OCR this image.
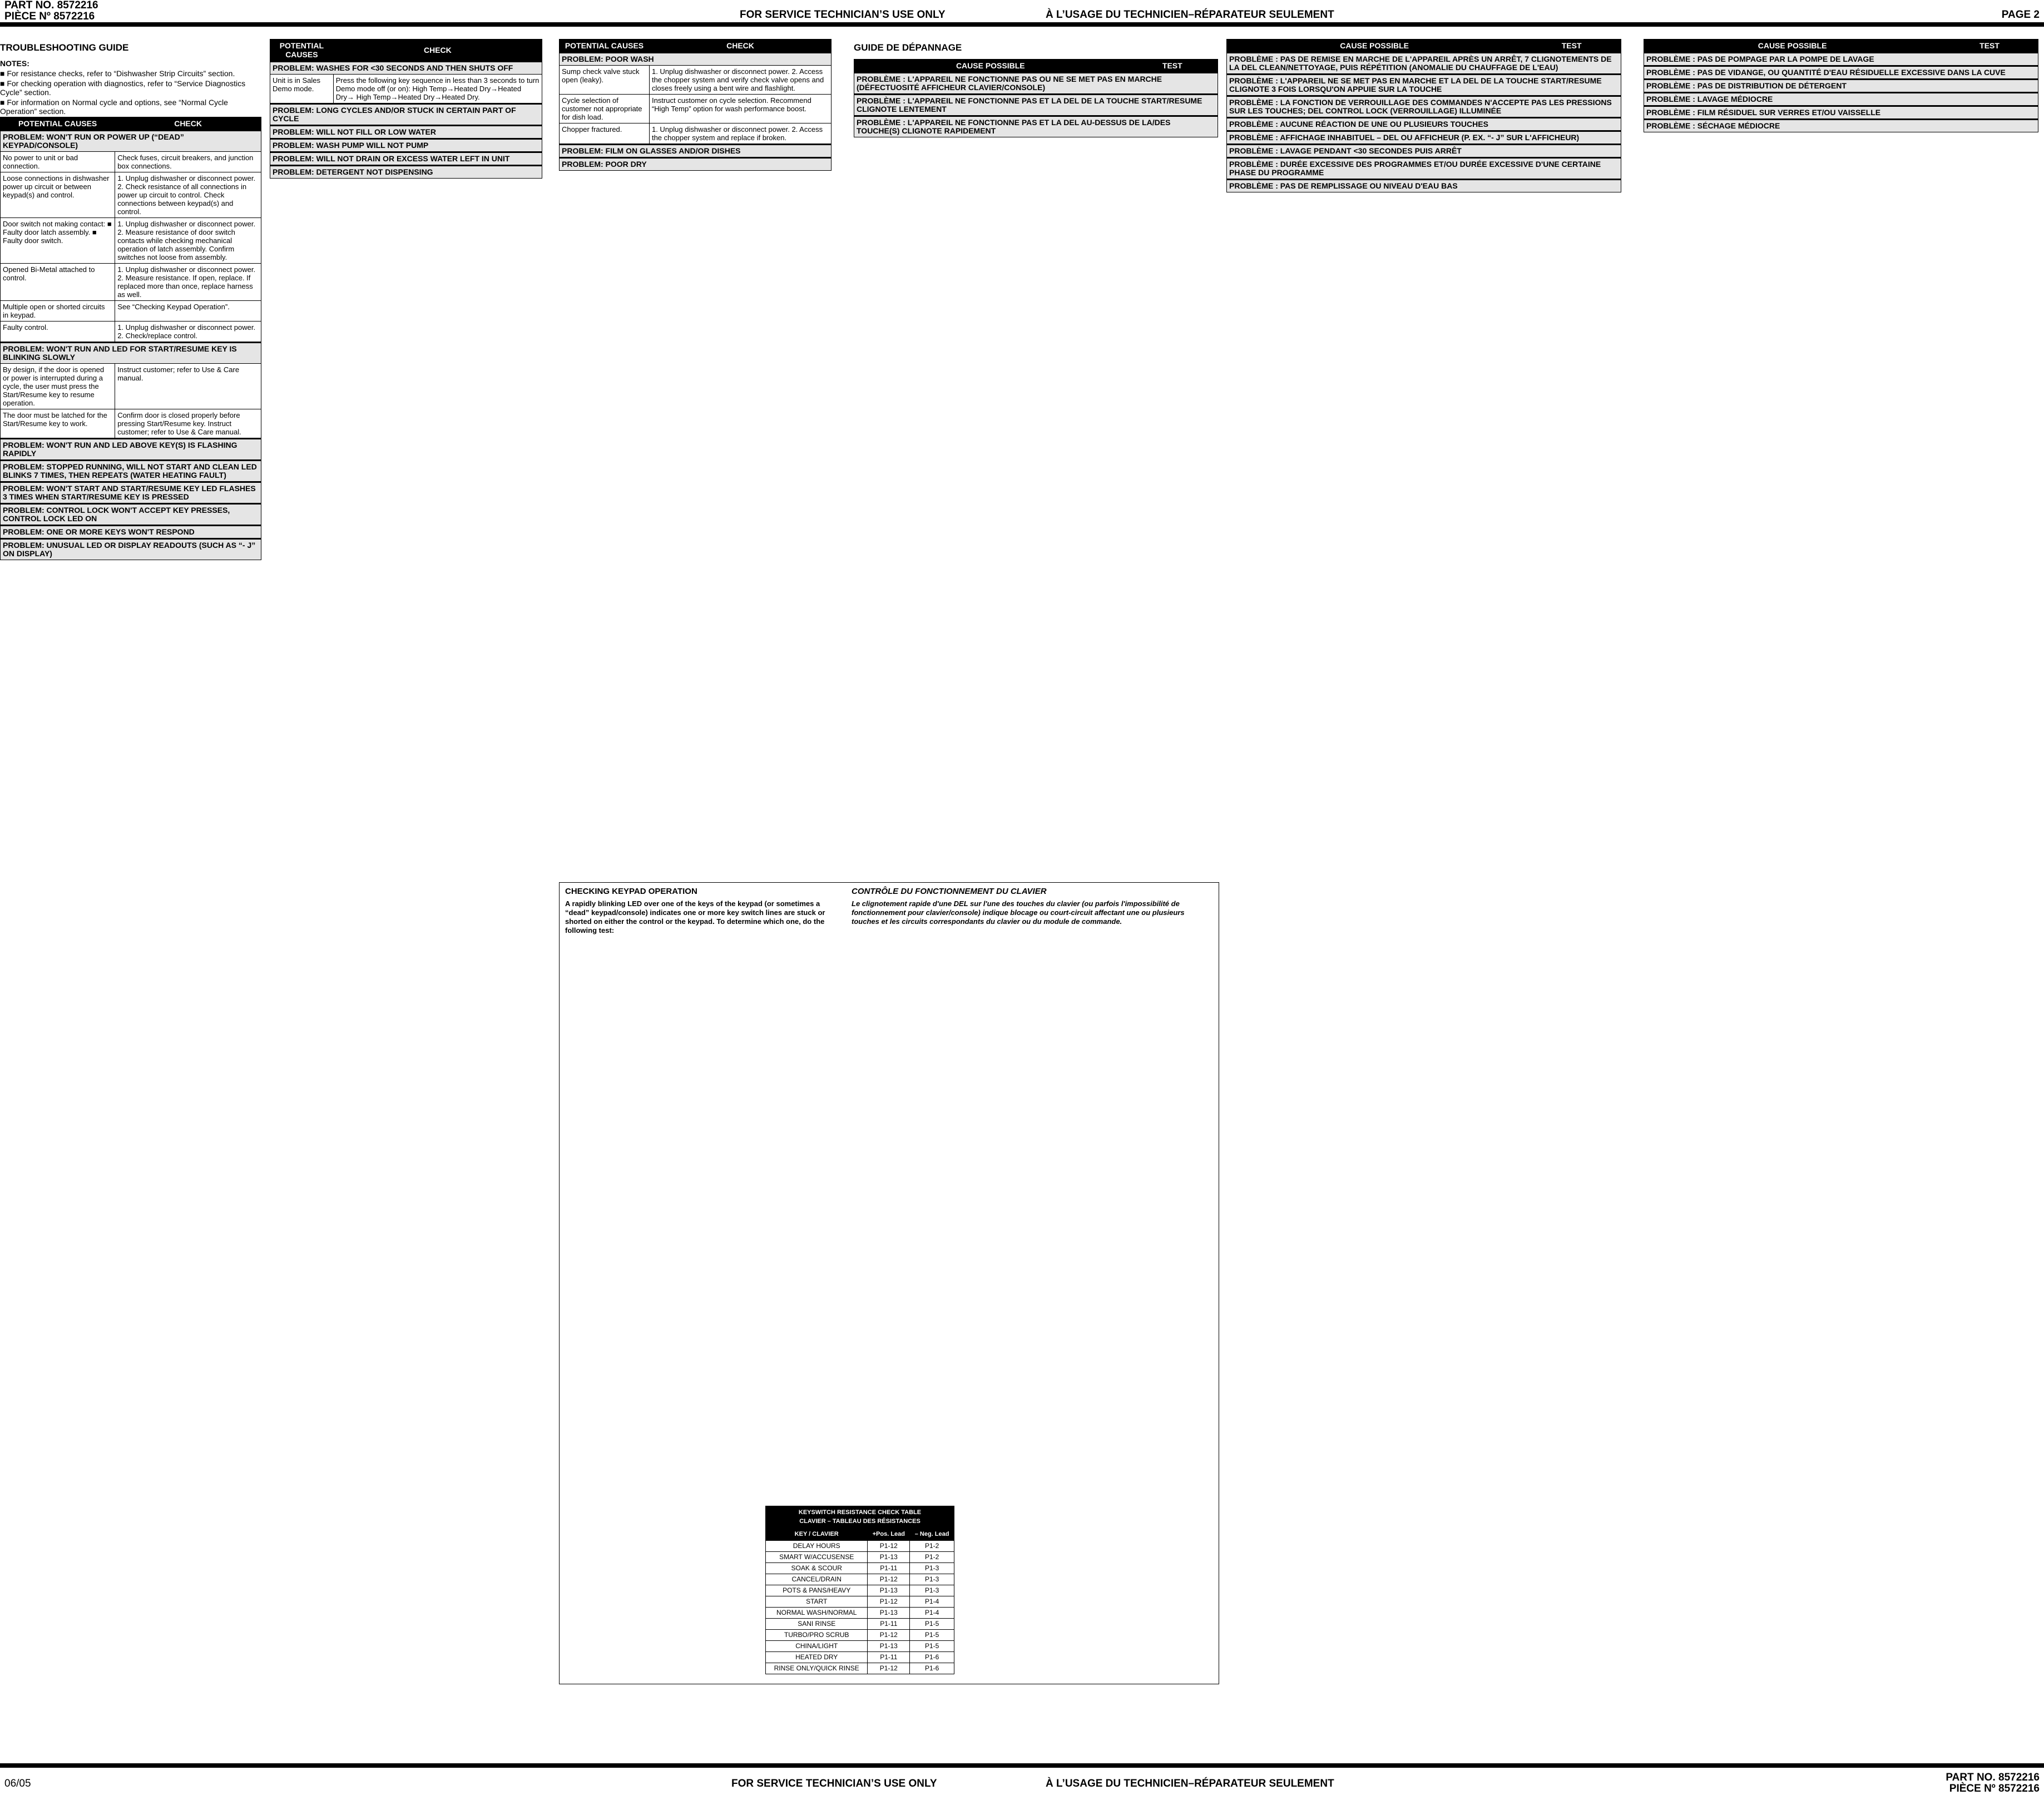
PART NO. 8572216
PIÈCE Nº 8572216	FOR SERVICE TECHNICIAN’S USE ONLY	À L’USAGE DU TECHNICIEN–RÉPARATEUR SEULEMENT	PAGE 2
TROUBLESHOOTING GUIDE

NOTES:

■ For resistance checks, refer to “Dishwasher Strip Circuits” section.

■ For checking operation with diagnostics, refer to “Service Diagnostics Cycle” section.

■ For information on Normal cycle and options, see “Normal Cycle Operation” section.

POTENTIAL CAUSES	CHECK
PROBLEM: WON'T RUN OR POWER UP (“DEAD” KEYPAD/CONSOLE)	
No power to unit or bad connection.	Check fuses, circuit breakers, and junction box connections.
Loose connections in dishwasher power up circuit or between keypad(s) and control.	1. Unplug dishwasher or disconnect power. 2. Check resistance of all connections in power up circuit to control. Check connections between keypad(s) and control.
Door switch not making contact: ■ Faulty door latch assembly. ■ Faulty door switch.	1. Unplug dishwasher or disconnect power. 2. Measure resistance of door switch contacts while checking mechanical operation of latch assembly. Confirm switches not loose from assembly.
Opened Bi-Metal attached to control.	1. Unplug dishwasher or disconnect power. 2. Measure resistance. If open, replace. If replaced more than once, replace harness as well.
Multiple open or shorted circuits in keypad.	See “Checking Keypad Operation”.
Faulty control.	1. Unplug dishwasher or disconnect power. 2. Check/replace control.
PROBLEM: WON'T RUN AND LED FOR START/RESUME KEY IS BLINKING SLOWLY	
By design, if the door is opened or power is interrupted during a cycle, the user must press the Start/Resume key to resume operation.	Instruct customer; refer to Use & Care manual.
The door must be latched for the Start/Resume key to work.	Confirm door is closed properly before pressing Start/Resume key. Instruct customer; refer to Use & Care manual.
PROBLEM: WON'T RUN AND LED ABOVE KEY(S) IS FLASHING RAPIDLY	
PROBLEM: STOPPED RUNNING, WILL NOT START AND CLEAN LED BLINKS 7 TIMES, THEN REPEATS (WATER HEATING FAULT)	
PROBLEM: WON'T START AND START/RESUME KEY LED FLASHES 3 TIMES WHEN START/RESUME KEY IS PRESSED	
PROBLEM: CONTROL LOCK WON'T ACCEPT KEY PRESSES, CONTROL LOCK LED ON	
PROBLEM: ONE OR MORE KEYS WON'T RESPOND	
PROBLEM: UNUSUAL LED OR DISPLAY READOUTS (SUCH AS “- J” ON DISPLAY)	
POTENTIAL CAUSES	CHECK
PROBLEM: WASHES FOR <30 SECONDS AND THEN SHUTS OFF	
Unit is in Sales Demo mode.	Press the following key sequence in less than 3 seconds to turn Demo mode off (or on): High Temp→Heated Dry→Heated Dry→ High Temp→Heated Dry→Heated Dry.
PROBLEM: LONG CYCLES AND/OR STUCK IN CERTAIN PART OF CYCLE	
PROBLEM: WILL NOT FILL OR LOW WATER	
PROBLEM: WASH PUMP WILL NOT PUMP	
PROBLEM: WILL NOT DRAIN OR EXCESS WATER LEFT IN UNIT	
PROBLEM: DETERGENT NOT DISPENSING	
POTENTIAL CAUSES	CHECK
PROBLEM: POOR WASH	
Sump check valve stuck open (leaky).	1. Unplug dishwasher or disconnect power. 2. Access the chopper system and verify check valve opens and closes freely using a bent wire and flashlight.
Cycle selection of customer not appropriate for dish load.	Instruct customer on cycle selection. Recommend “High Temp” option for wash performance boost.
Chopper fractured.	1. Unplug dishwasher or disconnect power. 2. Access the chopper system and replace if broken.
PROBLEM: FILM ON GLASSES AND/OR DISHES	
PROBLEM: POOR DRY	
GUIDE DE DÉPANNAGE
CAUSE POSSIBLE	TEST
PROBLÈME : L'APPAREIL NE FONCTIONNE PAS OU NE SE MET PAS EN MARCHE (DÉFECTUOSITÉ AFFICHEUR CLAVIER/CONSOLE)
PROBLÈME : L'APPAREIL NE FONCTIONNE PAS ET LA DEL DE LA TOUCHE START/RESUME CLIGNOTE LENTEMENT
PROBLÈME : L'APPAREIL NE FONCTIONNE PAS ET LA DEL AU-DESSUS DE LA/DES TOUCHE(S) CLIGNOTE RAPIDEMENT
CAUSE POSSIBLE	TEST
PROBLÈME : PAS DE REMISE EN MARCHE DE L'APPAREIL APRÈS UN ARRÊT, 7 CLIGNOTEMENTS DE LA DEL CLEAN/NETTOYAGE, PUIS RÉPÉTITION (ANOMALIE DU CHAUFFAGE DE L'EAU)
PROBLÈME : L'APPAREIL NE SE MET PAS EN MARCHE ET LA DEL DE LA TOUCHE START/RESUME CLIGNOTE 3 FOIS LORSQU'ON APPUIE SUR LA TOUCHE
PROBLÈME : LA FONCTION DE VERROUILLAGE DES COMMANDES N'ACCEPTE PAS LES PRESSIONS SUR LES TOUCHES; DEL CONTROL LOCK (VERROUILLAGE) ILLUMINÉE
PROBLÈME : AUCUNE RÉACTION DE UNE OU PLUSIEURS TOUCHES
PROBLÈME : AFFICHAGE INHABITUEL – DEL OU AFFICHEUR (P. EX. “- J” SUR L'AFFICHEUR)
PROBLÈME : LAVAGE PENDANT <30 SECONDES PUIS ARRÊT
PROBLÈME : DURÉE EXCESSIVE DES PROGRAMMES ET/OU DURÉE EXCESSIVE D'UNE CERTAINE PHASE DU PROGRAMME
PROBLÈME : PAS DE REMPLISSAGE OU NIVEAU D'EAU BAS
CAUSE POSSIBLE	TEST
PROBLÈME : PAS DE POMPAGE PAR LA POMPE DE LAVAGE
PROBLÈME : PAS DE VIDANGE, OU QUANTITÉ D'EAU RÉSIDUELLE EXCESSIVE DANS LA CUVE
PROBLÈME : PAS DE DISTRIBUTION DE DÉTERGENT
PROBLÈME : LAVAGE MÉDIOCRE
PROBLÈME : FILM RÉSIDUEL SUR VERRES ET/OU VAISSELLE
PROBLÈME : SÉCHAGE MÉDIOCRE
CHECKING KEYPAD OPERATION
A rapidly blinking LED over one of the keys of the keypad (or sometimes a “dead” keypad/console) indicates one or more key switch lines are stuck or shorted on either the control or the keypad. To determine which one, do the following test:
CONTRÔLE DU FONCTIONNEMENT DU CLAVIER
Le clignotement rapide d'une DEL sur l'une des touches du clavier (ou parfois l'impossibilité de fonctionnement pour clavier/console) indique blocage ou court-circuit affectant une ou plusieurs touches et les circuits correspondants du clavier ou du module de commande.
KEYSWITCH RESISTANCE CHECK TABLE
CLAVIER – TABLEAU DES RÉSISTANCES		

KEY / CLAVIER	+Pos. Lead	– Neg. Lead
DELAY HOURS	P1-12	P1-2
SMART W/ACCUSENSE	P1-13	P1-2
SOAK & SCOUR	P1-11	P1-3
CANCEL/DRAIN	P1-12	P1-3
POTS & PANS/HEAVY	P1-13	P1-3
START	P1-12	P1-4
NORMAL WASH/NORMAL	P1-13	P1-4
SANI RINSE	P1-11	P1-5
TURBO/PRO SCRUB	P1-12	P1-5
CHINA/LIGHT	P1-13	P1-5
HEATED DRY	P1-11	P1-6
RINSE ONLY/QUICK RINSE	P1-12	P1-6
06/05	FOR SERVICE TECHNICIAN’S USE ONLY	À L’USAGE DU TECHNICIEN–RÉPARATEUR SEULEMENT
PART NO. 8572216
PIÈCE Nº 8572216
